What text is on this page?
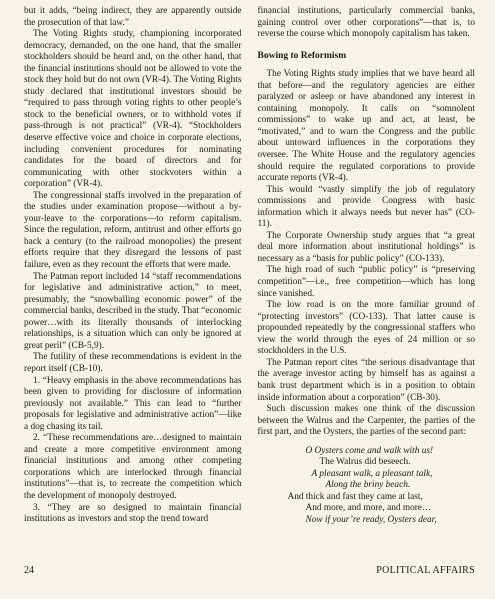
but it adds, “being indirect, they are apparently outside the prosecution of that law.”

The Voting Rights study, championing incorporated democracy, demanded, on the one hand, that the smaller stockholders should be heard and, on the other hand, that the financial institutions should not be allowed to vote the stock they hold but do not own (VR-4). The Voting Rights study declared that institutional investors should be “required to pass through voting rights to other people’s stock to the beneficial owners, or to withhold votes if pass-through is not practical” (VR-4). “Stockholders deserve effective voice and choice in corporate elections, including convenient procedures for nominating candidates for the board of directors and for communicating with other stockvoters within a corporation” (VR-4).

The congressional staffs involved in the preparation of the studies under examination propose—without a by-your-leave to the corporations—to reform capitalism. Since the regulation, reform, antitrust and other efforts go back a century (to the railroad monopolies) the present efforts require that they disregard the lessons of past failure, even as they recount the efforts that were made.

The Patman report included 14 “staff recommendations for legislative and administrative action,” to meet, presumably, the “snowballing economic power” of the commercial banks, described in the study. That “economic power…with its literally thousands of interlocking relationships, is a situation which can only be ignored at great peril” (CB-5,9).

The futility of these recommendations is evident in the report itself (CB-10).

1. “Heavy emphasis in the above recommendations has been given to providing for disclosure of information previously not available.” This can lead to “further proposals for legislative and administrative action”—like a dog chasing its tail.

2. “These recommendations are…designed to maintain and create a more competitive environment among financial institutions and among other competing corporations which are interlocked through financial institutions”—that is, to recreate the competition which the development of monopoly destroyed.

3. “They are so designed to maintain financial institutions as investors and stop the trend toward

financial institutions, particularly commercial banks, gaining control over other corporations”—that is, to reverse the course which monopoly capitalism has taken.

Bowing to Reformism

The Voting Rights study implies that we have heard all that before—and the regulatory agencies are either paralyzed or asleep or have abandoned any interest in containing monopoly. It calls on “somnolent commissions” to wake up and act, at least, be “motivated,” and to warn the Congress and the public about untoward influences in the corporations they oversee. The White House and the regulatory agencies should require the regulated corporations to provide accurate reports (VR-4).

This would “vastly simplify the job of regulatory commissions and provide Congress with basic information which it always needs but never has” (CO-11).

The Corporate Ownership study argues that “a great deal more information about institutional holdings” is necessary as a “basis for public policy” (CO-133).

The high road of such “public policy” is “preserving competition”—i.e., free competition—which has long since vanished.

The low road is on the more familiar ground of “protecting investors” (CO-133). That latter cause is propounded repeatedly by the congressional staffers who view the world through the eyes of 24 million or so stockholders in the U.S.

The Patman report cites “the serious disadvantage that the average investor acting by himself has as against a bank trust department which is in a position to obtain inside information about a corporation” (CB-30).

Such discussion makes one think of the discussion between the Walrus and the Carpenter, the parties of the first part, and the Oysters, the parties of the second part:

O Oysters come and walk with us!
The Walrus did beseech.
A pleasant walk, a pleasant talk,
Along the briny beach.
And thick and fast they came at last,
And more, and more, and more…
Now if your’re ready, Oysters dear,
24	POLITICAL AFFAIRS
